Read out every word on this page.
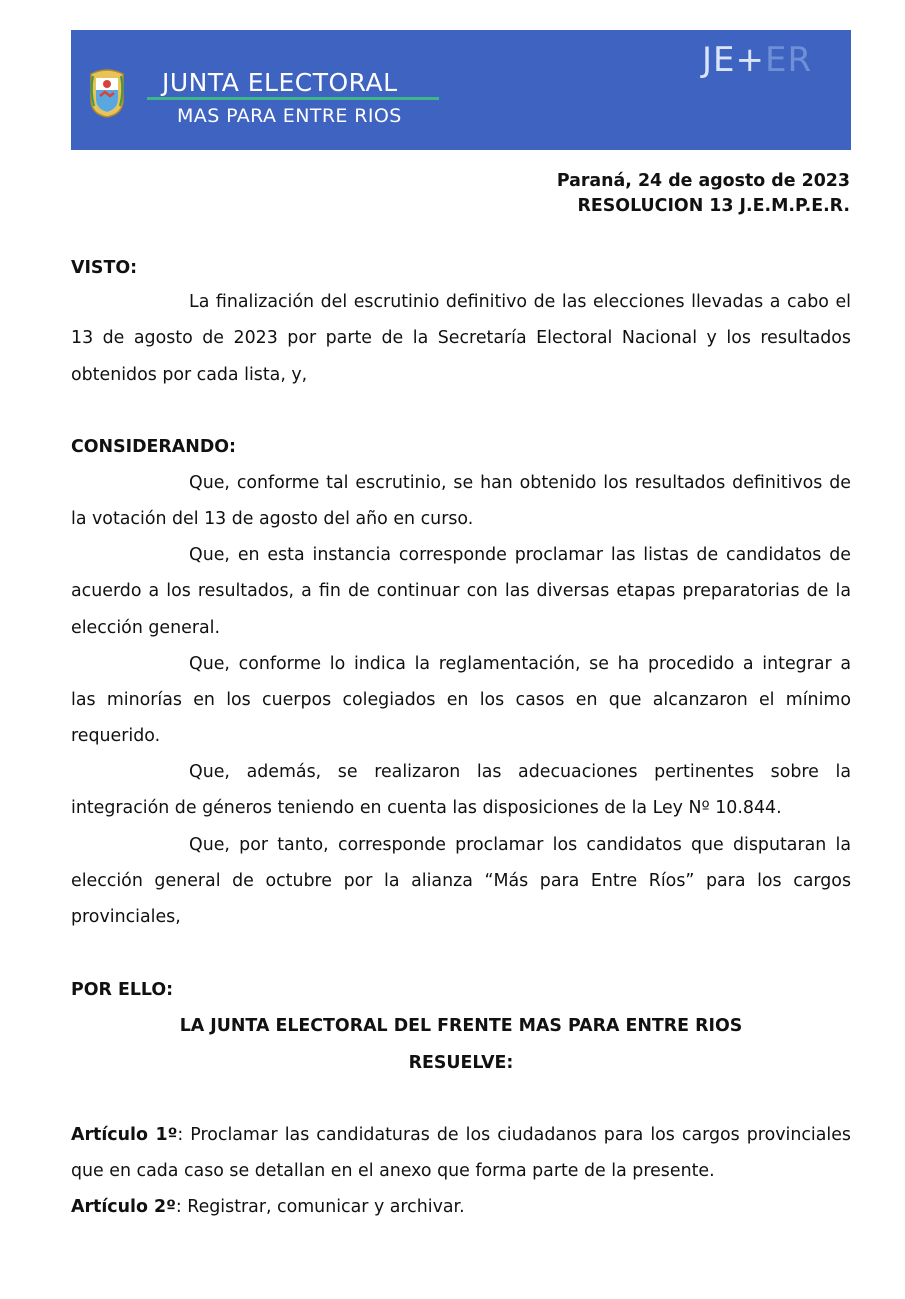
JUNTA ELECTORAL
MAS PARA ENTRE RIOS
JE+ER
Paraná, 24 de agosto de 2023
RESOLUCION 13 J.E.M.P.E.R.
VISTO:
La finalización del escrutinio definitivo de las elecciones llevadas a cabo el
13 de agosto de 2023 por parte de la Secretaría Electoral Nacional y los resultados
obtenidos por cada lista, y,
CONSIDERANDO:
Que, conforme tal escrutinio, se han obtenido los resultados definitivos de
la votación del 13 de agosto del año en curso.
Que, en esta instancia corresponde proclamar las listas de candidatos de
acuerdo a los resultados, a fin de continuar con las diversas etapas preparatorias de la
elección general.
Que, conforme lo indica la reglamentación, se ha procedido a integrar a
las minorías en los cuerpos colegiados en los casos en que alcanzaron el mínimo
requerido.
Que, además, se realizaron las adecuaciones pertinentes sobre la
integración de géneros teniendo en cuenta las disposiciones de la Ley Nº 10.844.
Que, por tanto, corresponde proclamar los candidatos que disputaran la
elección general de octubre por la alianza “Más para Entre Ríos” para los cargos
provinciales,
POR ELLO:
LA JUNTA ELECTORAL DEL FRENTE MAS PARA ENTRE RIOS
RESUELVE:
Artículo 1º: Proclamar las candidaturas de los ciudadanos para los cargos provinciales
que en cada caso se detallan en el anexo que forma parte de la presente.
Artículo 2º: Registrar, comunicar y archivar.
